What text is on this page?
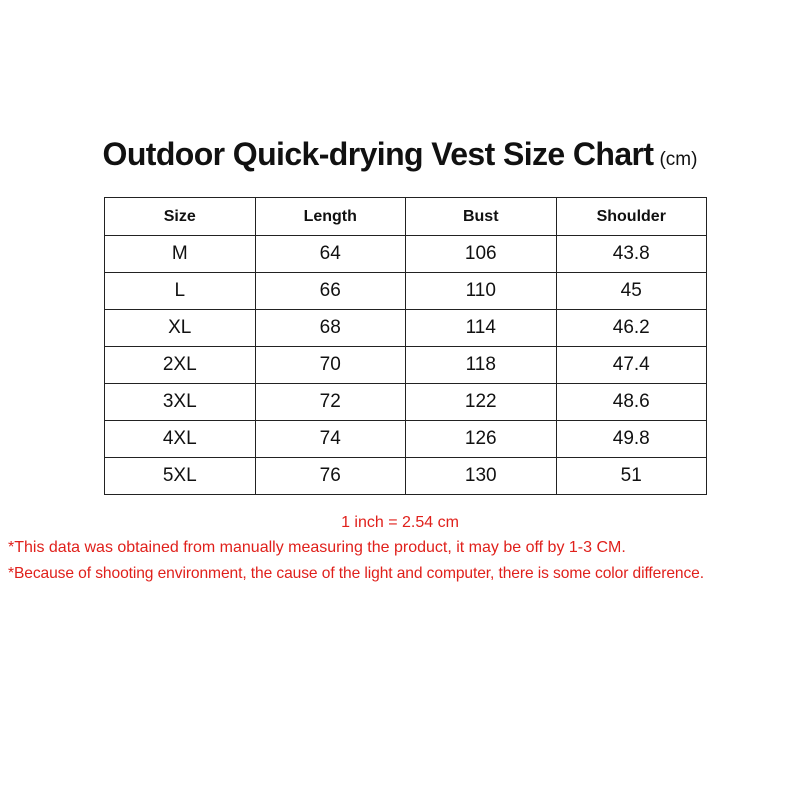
Outdoor Quick-drying Vest Size Chart (cm)
Size	Length	Bust	Shoulder
M	64	106	43.8
L	66	110	45
XL	68	114	46.2
2XL	70	118	47.4
3XL	72	122	48.6
4XL	74	126	49.8
5XL	76	130	51
1 inch = 2.54 cm
*This data was obtained from manually measuring the product, it may be off by 1-3 CM.
*Because of shooting environment, the cause of the light and computer, there is some color difference.
